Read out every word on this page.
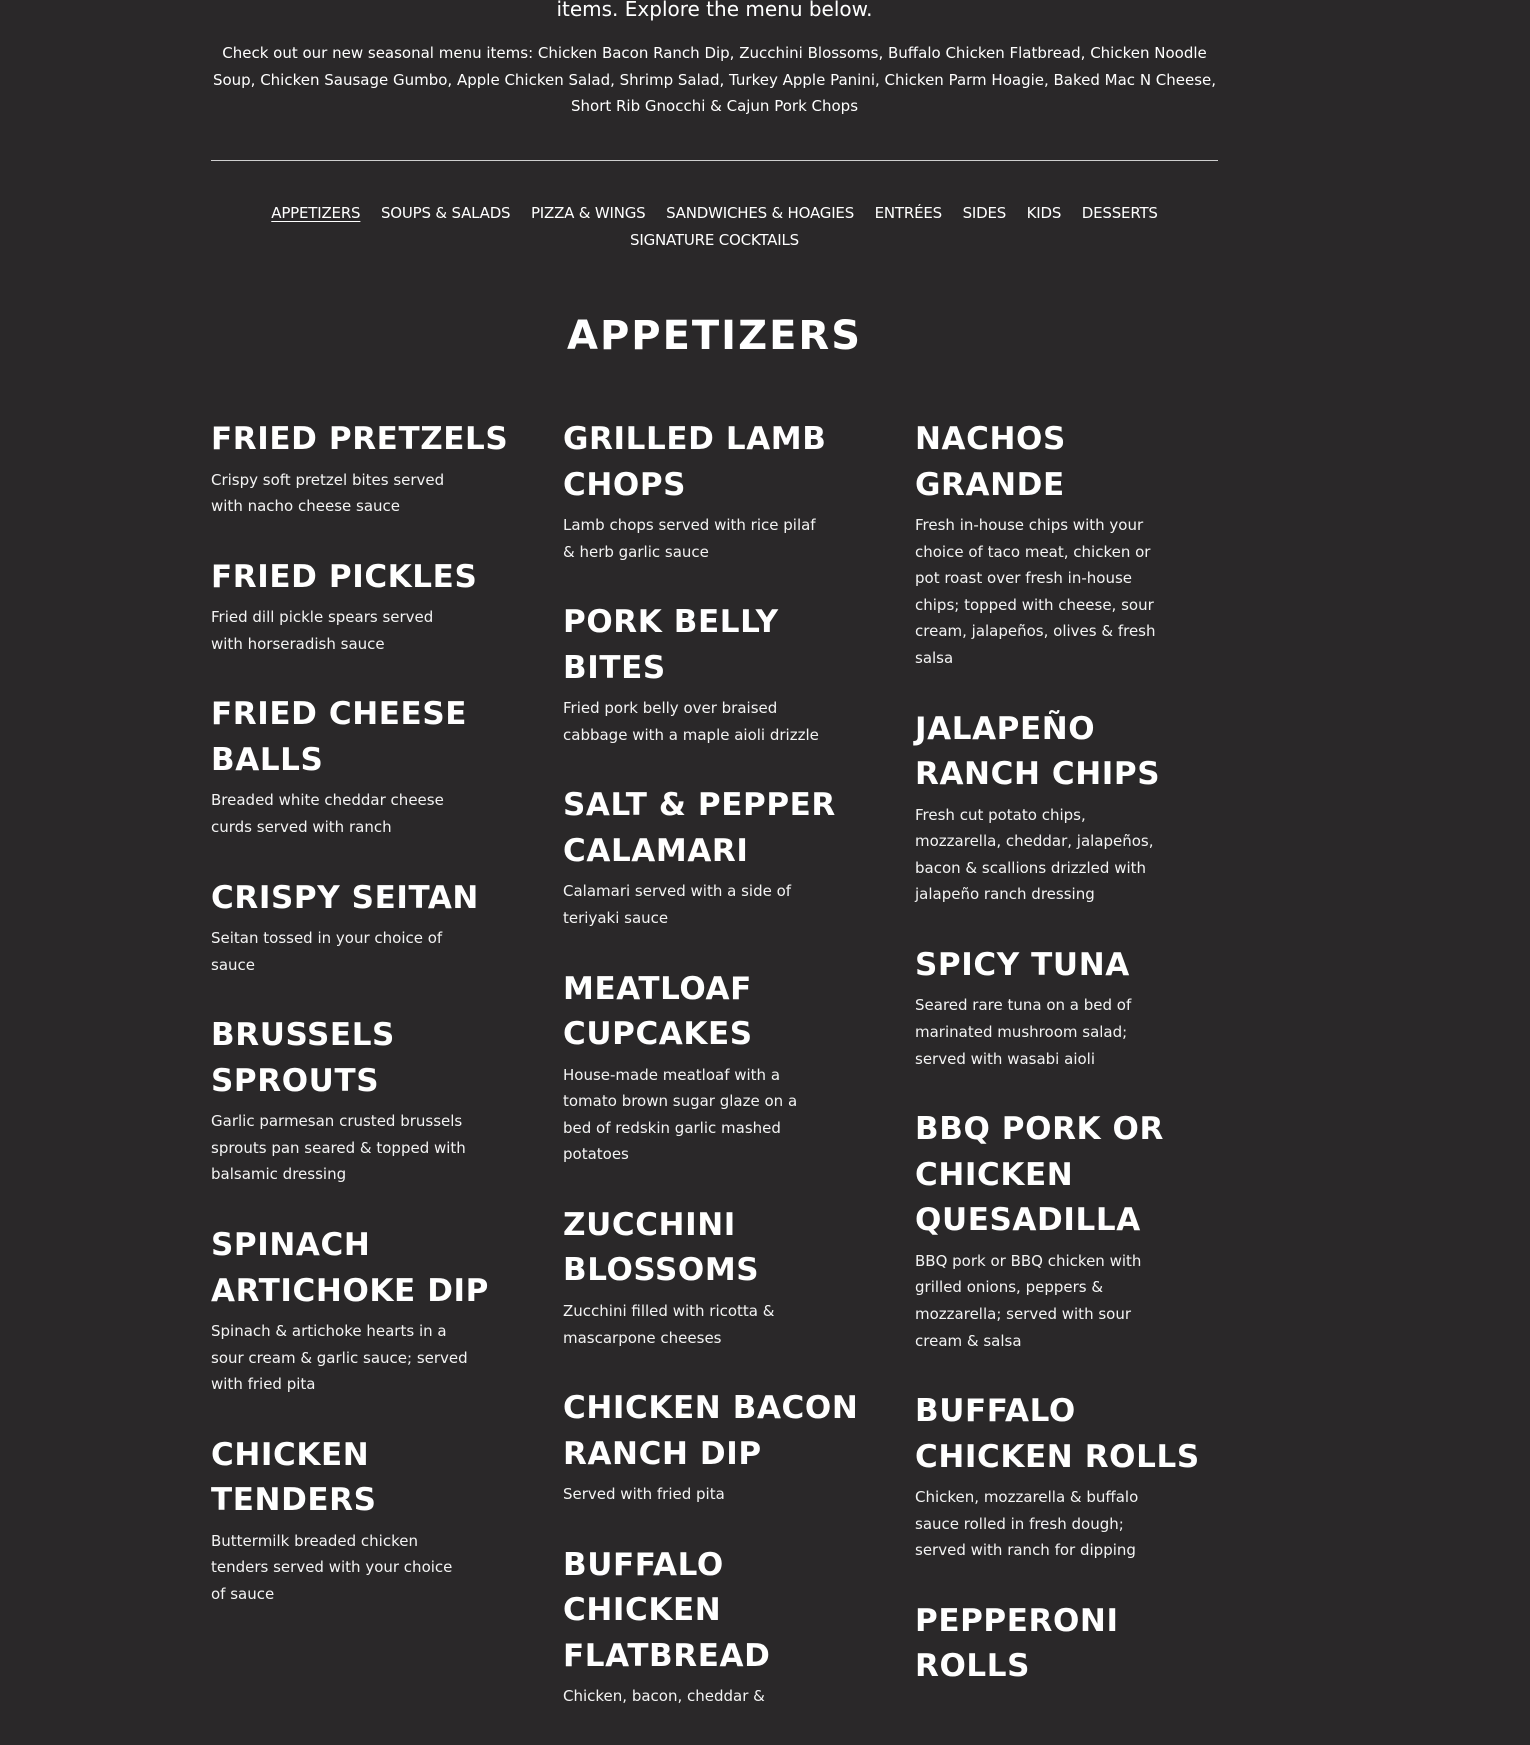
items. Explore the menu below.

Check out our new seasonal menu items: Chicken Bacon Ranch Dip, Zucchini Blossoms, Buffalo Chicken Flatbread, Chicken Noodle Soup, Chicken Sausage Gumbo, Apple Chicken Salad, Shrimp Salad, Turkey Apple Panini, Chicken Parm Hoagie, Baked Mac N Cheese, Short Rib Gnocchi & Cajun Pork Chops

APPETIZERS SOUPS & SALADS PIZZA & WINGS SANDWICHES & HOAGIES ENTRÉES SIDES KIDS DESSERTS
SIGNATURE COCKTAILS
APPETIZERS
FRIED PRETZELS

Crispy soft pretzel bites served with nacho cheese sauce

FRIED PICKLES

Fried dill pickle spears served with horseradish sauce

FRIED CHEESE BALLS

Breaded white cheddar cheese curds served with ranch

CRISPY SEITAN

Seitan tossed in your choice of sauce

BRUSSELS SPROUTS

Garlic parmesan crusted brussels sprouts pan seared & topped with balsamic dressing

SPINACH ARTICHOKE DIP

Spinach & artichoke hearts in a sour cream & garlic sauce; served with fried pita

CHICKEN TENDERS

Buttermilk breaded chicken tenders served with your choice of sauce

GRILLED LAMB CHOPS

Lamb chops served with rice pilaf & herb garlic sauce

PORK BELLY BITES

Fried pork belly over braised cabbage with a maple aioli drizzle

SALT & PEPPER CALAMARI

Calamari served with a side of teriyaki sauce

MEATLOAF CUPCAKES

House-made meatloaf with a tomato brown sugar glaze on a bed of redskin garlic mashed potatoes

ZUCCHINI BLOSSOMS

Zucchini filled with ricotta & mascarpone cheeses

CHICKEN BACON RANCH DIP

Served with fried pita

BUFFALO CHICKEN FLATBREAD

Chicken, bacon, cheddar &

NACHOS GRANDE

Fresh in-house chips with your choice of taco meat, chicken or pot roast over fresh in-house chips; topped with cheese, sour cream, jalapeños, olives & fresh salsa

JALAPEÑO RANCH CHIPS

Fresh cut potato chips, mozzarella, cheddar, jalapeños, bacon & scallions drizzled with jalapeño ranch dressing

SPICY TUNA

Seared rare tuna on a bed of marinated mushroom salad; served with wasabi aioli

BBQ PORK OR CHICKEN QUESADILLA

BBQ pork or BBQ chicken with grilled onions, peppers & mozzarella; served with sour cream & salsa

BUFFALO CHICKEN ROLLS

Chicken, mozzarella & buffalo sauce rolled in fresh dough; served with ranch for dipping

PEPPERONI ROLLS
